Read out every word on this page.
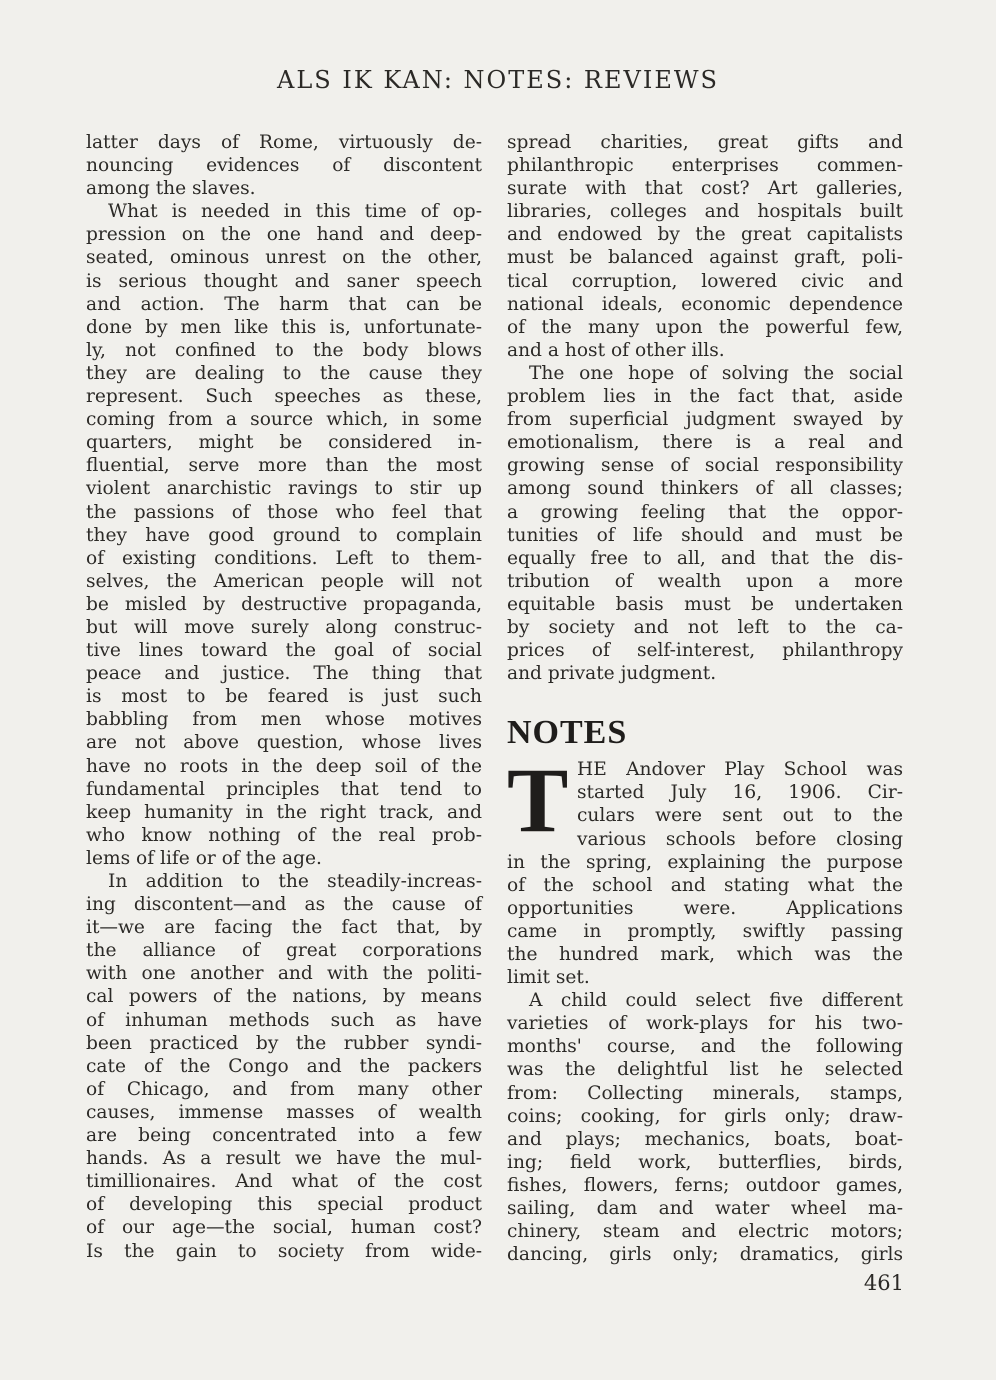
ALS IK KAN: NOTES: REVIEWS
latter days of Rome, virtuously de-
nouncing evidences of discontent
among the slaves.
What is needed in this time of op-
pression on the one hand and deep-
seated, ominous unrest on the other,
is serious thought and saner speech
and action. The harm that can be
done by men like this is, unfortunate-
ly, not confined to the body blows
they are dealing to the cause they
represent. Such speeches as these,
coming from a source which, in some
quarters, might be considered in-
fluential, serve more than the most
violent anarchistic ravings to stir up
the passions of those who feel that
they have good ground to complain
of existing conditions. Left to them-
selves, the American people will not
be misled by destructive propaganda,
but will move surely along construc-
tive lines toward the goal of social
peace and justice. The thing that
is most to be feared is just such
babbling from men whose motives
are not above question, whose lives
have no roots in the deep soil of the
fundamental principles that tend to
keep humanity in the right track, and
who know nothing of the real prob-
lems of life or of the age.
In addition to the steadily-increas-
ing discontent—and as the cause of
it—we are facing the fact that, by
the alliance of great corporations
with one another and with the politi-
cal powers of the nations, by means
of inhuman methods such as have
been practiced by the rubber syndi-
cate of the Congo and the packers
of Chicago, and from many other
causes, immense masses of wealth
are being concentrated into a few
hands. As a result we have the mul-
timillionaires. And what of the cost
of developing this special product
of our age—the social, human cost?
Is the gain to society from wide-
spread charities, great gifts and
philanthropic enterprises commen-
surate with that cost? Art galleries,
libraries, colleges and hospitals built
and endowed by the great capitalists
must be balanced against graft, poli-
tical corruption, lowered civic and
national ideals, economic dependence
of the many upon the powerful few,
and a host of other ills.
The one hope of solving the social
problem lies in the fact that, aside
from superficial judgment swayed by
emotionalism, there is a real and
growing sense of social responsibility
among sound thinkers of all classes;
a growing feeling that the oppor-
tunities of life should and must be
equally free to all, and that the dis-
tribution of wealth upon a more
equitable basis must be undertaken
by society and not left to the ca-
prices of self-interest, philanthropy
and private judgment.
NOTES
T HE Andover Play School was
started July 16, 1906. Cir-
culars were sent out to the
various schools before closing
in the spring, explaining the purpose
of the school and stating what the
opportunities were. Applications
came in promptly, swiftly passing
the hundred mark, which was the
limit set.
A child could select five different
varieties of work-plays for his two-
months' course, and the following
was the delightful list he selected
from: Collecting minerals, stamps,
coins; cooking, for girls only; draw-
and plays; mechanics, boats, boat-
ing; field work, butterflies, birds,
fishes, flowers, ferns; outdoor games,
sailing, dam and water wheel ma-
chinery, steam and electric motors;
dancing, girls only; dramatics, girls
461
